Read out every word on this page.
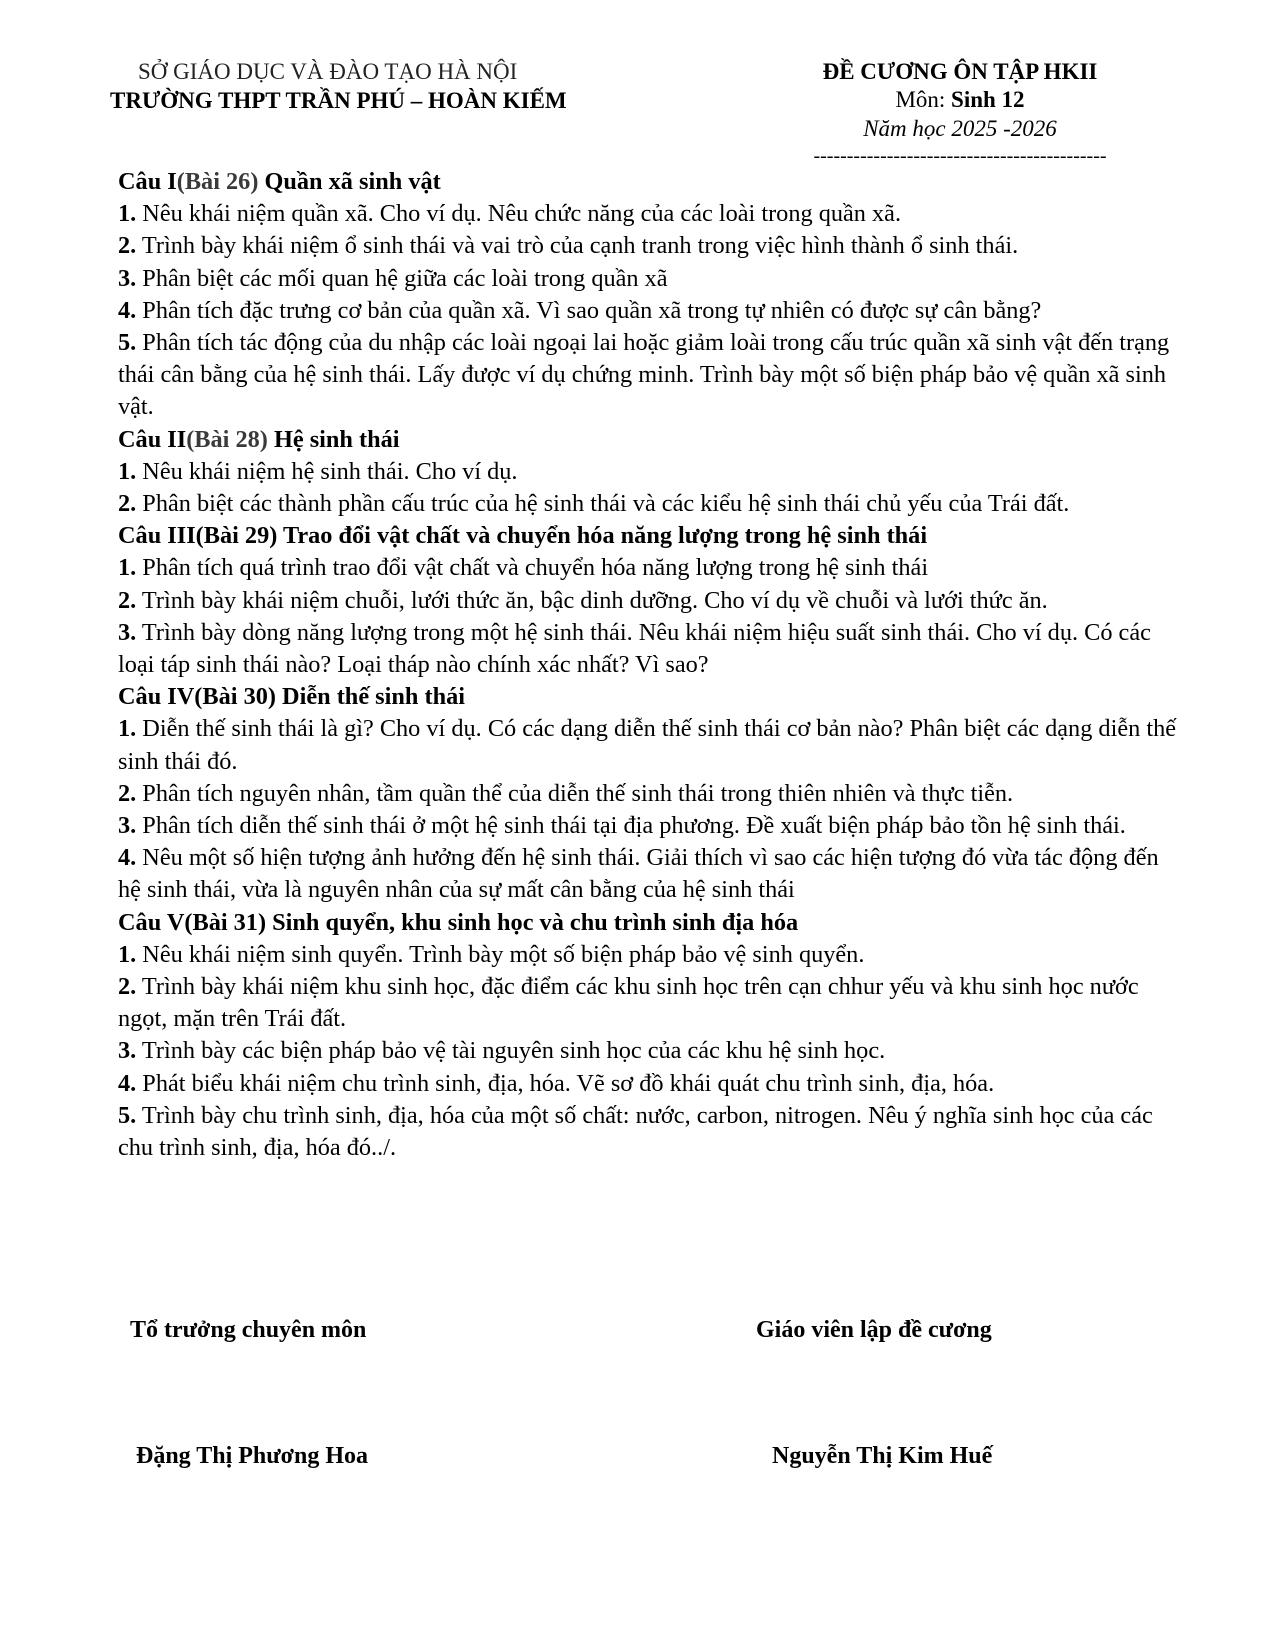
SỞ GIÁO DỤC VÀ ĐÀO TẠO HÀ NỘI
TRƯỜNG THPT TRẦN PHÚ – HOÀN KIẾM
ĐỀ CƯƠNG ÔN TẬP HKII
Môn: Sinh 12
Năm học 2025 -2026
--------------------------------------------
Câu I(Bài 26) Quần xã sinh vật
1. Nêu khái niệm quần xã. Cho ví dụ. Nêu chức năng của các loài trong quần xã.
2. Trình bày khái niệm ổ sinh thái và vai trò của cạnh tranh trong việc hình thành ổ sinh thái.
3. Phân biệt các mối quan hệ giữa các loài trong quần xã
4. Phân tích đặc trưng cơ bản của quần xã. Vì sao quần xã trong tự nhiên có được sự cân bằng?
5. Phân tích tác động của du nhập các loài ngoại lai hoặc giảm loài trong cấu trúc quần xã sinh vật đến trạng thái cân bằng của hệ sinh thái. Lấy được ví dụ chứng minh. Trình bày một số biện pháp bảo vệ quần xã sinh vật.
Câu II(Bài 28) Hệ sinh thái
1. Nêu khái niệm hệ sinh thái. Cho ví dụ.
2. Phân biệt các thành phần cấu trúc của hệ sinh thái và các kiểu hệ sinh thái chủ yếu của Trái đất.
Câu III(Bài 29) Trao đổi vật chất và chuyển hóa năng lượng trong hệ sinh thái
1. Phân tích quá trình trao đổi vật chất và chuyển hóa năng lượng trong hệ sinh thái
2. Trình bày khái niệm chuỗi, lưới thức ăn, bậc dinh dưỡng. Cho ví dụ về chuỗi và lưới thức ăn.
3. Trình bày dòng năng lượng trong một hệ sinh thái. Nêu khái niệm hiệu suất sinh thái. Cho ví dụ. Có các loại táp sinh thái nào? Loại tháp nào chính xác nhất? Vì sao?
Câu IV(Bài 30) Diễn thế sinh thái
1. Diễn thế sinh thái là gì? Cho ví dụ. Có các dạng diễn thế sinh thái cơ bản nào? Phân biệt các dạng diễn thế sinh thái đó.
2. Phân tích nguyên nhân, tầm quần thể của diễn thế sinh thái trong thiên nhiên và thực tiễn.
3. Phân tích diễn thế sinh thái ở một hệ sinh thái tại địa phương. Đề xuất biện pháp bảo tồn hệ sinh thái.
4. Nêu một số hiện tượng ảnh hưởng đến hệ sinh thái. Giải thích vì sao các hiện tượng đó vừa tác động đến hệ sinh thái, vừa là nguyên nhân của sự mất cân bằng của hệ sinh thái
Câu V(Bài 31) Sinh quyển, khu sinh học và chu trình sinh địa hóa
1. Nêu khái niệm sinh quyển. Trình bày một số biện pháp bảo vệ sinh quyển.
2. Trình bày khái niệm khu sinh học, đặc điểm các khu sinh học trên cạn chhur yếu và khu sinh học nước ngọt, mặn trên Trái đất.
3. Trình bày các biện pháp bảo vệ tài nguyên sinh học của các khu hệ sinh học.
4. Phát biểu khái niệm chu trình sinh, địa, hóa. Vẽ sơ đồ khái quát chu trình sinh, địa, hóa.
5. Trình bày chu trình sinh, địa, hóa của một số chất: nước, carbon, nitrogen. Nêu ý nghĩa sinh học của các chu trình sinh, địa, hóa đó../.
Tổ trưởng chuyên môn	Giáo viên lập đề cương
Đặng Thị Phương Hoa	Nguyễn Thị Kim Huế
